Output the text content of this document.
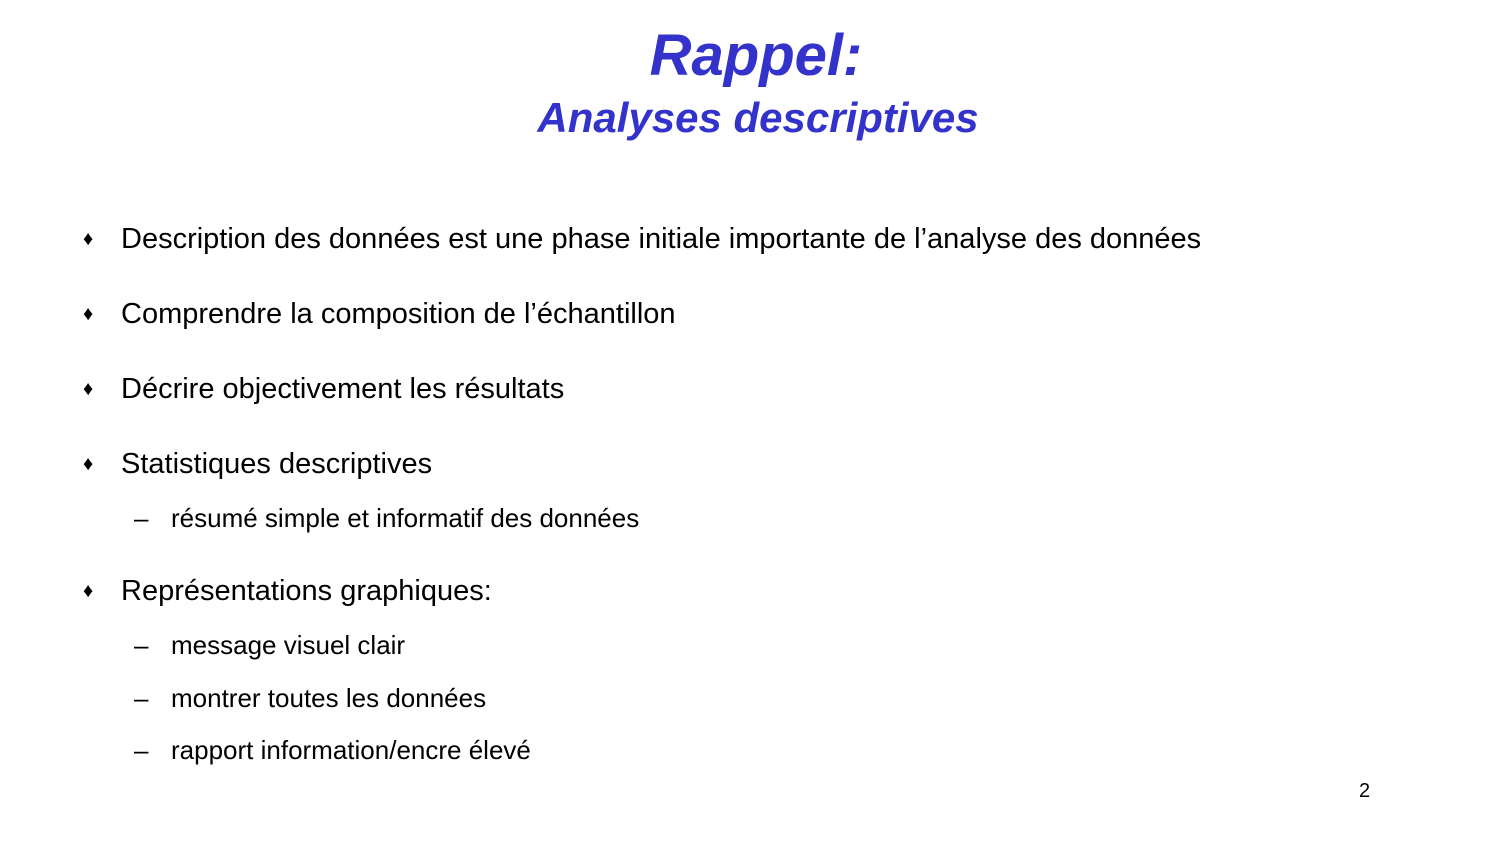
Rappel:
Analyses descriptives
♦ Description des données est une phase initiale importante de l’analyse des données
♦ Comprendre la composition de l’échantillon
♦ Décrire objectivement les résultats
♦ Statistiques descriptives
– résumé simple et informatif des données
♦ Représentations graphiques:
– message visuel clair
– montrer toutes les données
– rapport information/encre élevé
2
